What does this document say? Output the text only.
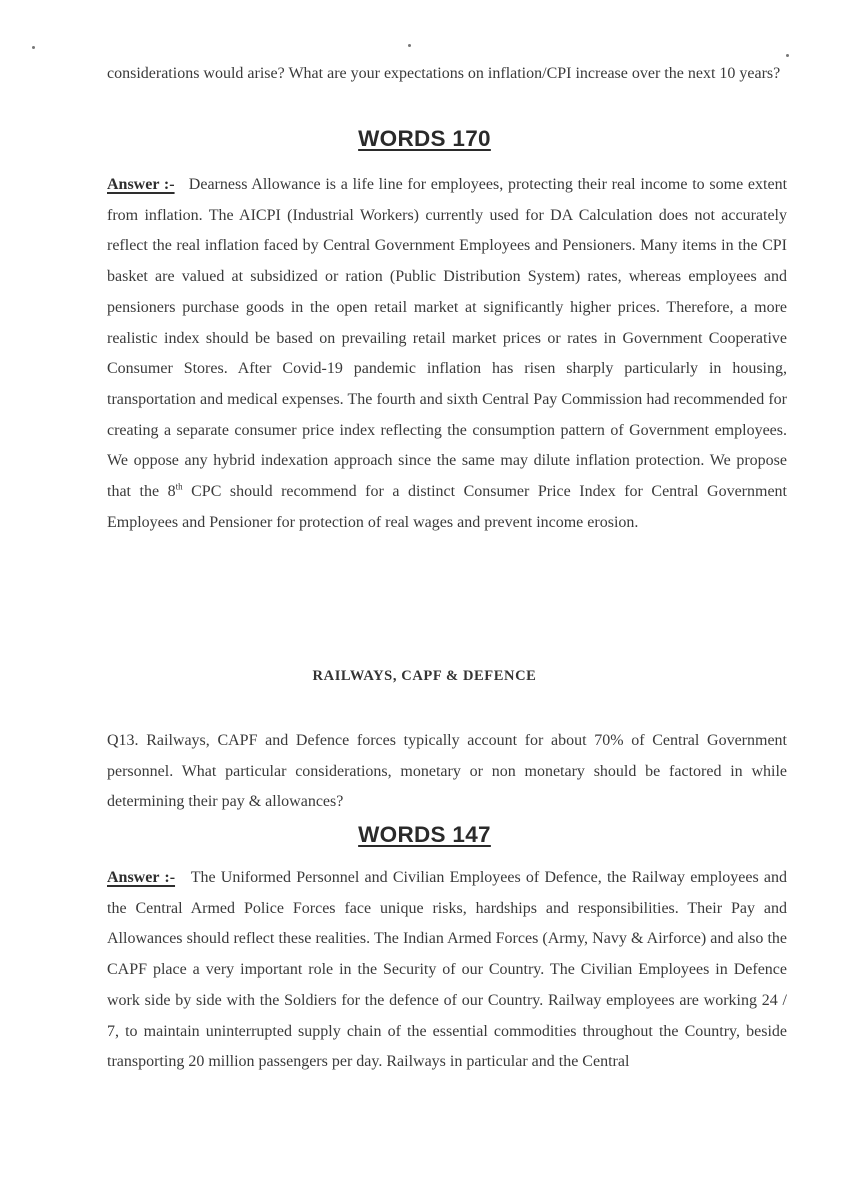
considerations would arise? What are your expectations on inflation/CPI increase over the next 10 years?

WORDS 170

Answer :- Dearness Allowance is a life line for employees, protecting their real income to some extent from inflation. The AICPI (Industrial Workers) currently used for DA Calculation does not accurately reflect the real inflation faced by Central Government Employees and Pensioners. Many items in the CPI basket are valued at subsidized or ration (Public Distribution System) rates, whereas employees and pensioners purchase goods in the open retail market at significantly higher prices. Therefore, a more realistic index should be based on prevailing retail market prices or rates in Government Cooperative Consumer Stores. After Covid-19 pandemic inflation has risen sharply particularly in housing, transportation and medical expenses. The fourth and sixth Central Pay Commission had recommended for creating a separate consumer price index reflecting the consumption pattern of Government employees. We oppose any hybrid indexation approach since the same may dilute inflation protection. We propose that the 8th CPC should recommend for a distinct Consumer Price Index for Central Government Employees and Pensioner for protection of real wages and prevent income erosion.

RAILWAYS, CAPF & DEFENCE

Q13. Railways, CAPF and Defence forces typically account for about 70% of Central Government personnel. What particular considerations, monetary or non monetary should be factored in while determining their pay & allowances?

WORDS 147

Answer :- The Uniformed Personnel and Civilian Employees of Defence, the Railway employees and the Central Armed Police Forces face unique risks, hardships and responsibilities. Their Pay and Allowances should reflect these realities. The Indian Armed Forces (Army, Navy & Airforce) and also the CAPF place a very important role in the Security of our Country. The Civilian Employees in Defence work side by side with the Soldiers for the defence of our Country. Railway employees are working 24 / 7, to maintain uninterrupted supply chain of the essential commodities throughout the Country, beside transporting 20 million passengers per day. Railways in particular and the Central
